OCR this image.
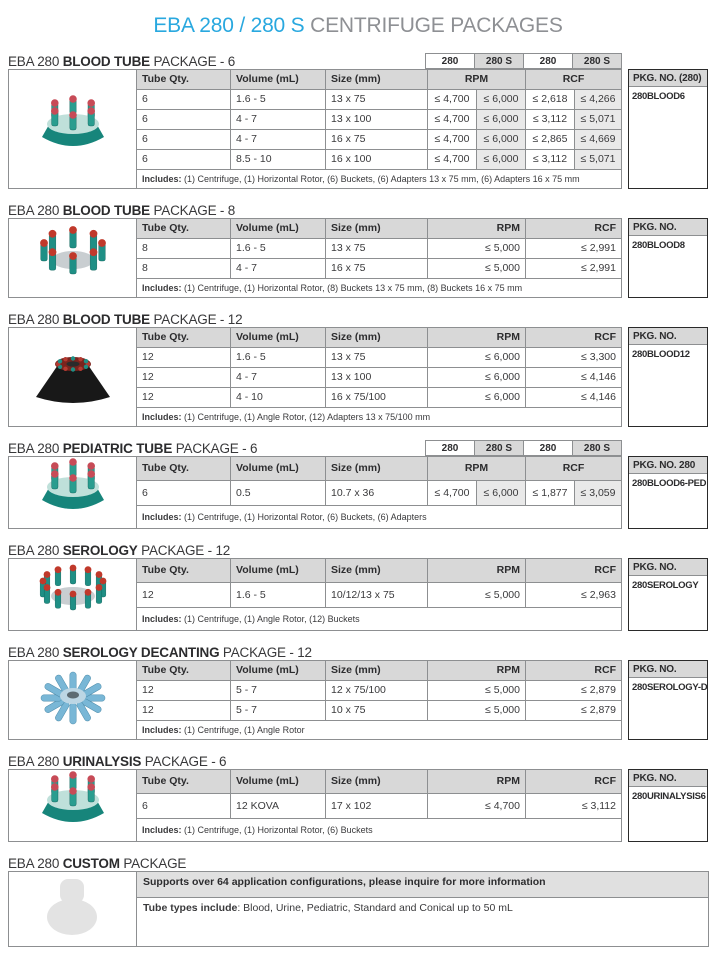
EBA 280 / 280 S CENTRIFUGE PACKAGES
EBA 280 BLOOD TUBE PACKAGE - 6	280	280 S	280	280 S
	Tube Qty.	Volume (mL)	Size (mm)	RPM		RCF	
	6	1.6 - 5	13 x 75	≤ 4,700	≤ 6,000	≤ 2,618	≤ 4,266
	6	4 - 7	13 x 100	≤ 4,700	≤ 6,000	≤ 3,112	≤ 5,071
	6	4 - 7	16 x 75	≤ 4,700	≤ 6,000	≤ 2,865	≤ 4,669
	6	8.5 - 10	16 x 100	≤ 4,700	≤ 6,000	≤ 3,112	≤ 5,071
	Includes: (1) Centrifuge, (1) Horizontal Rotor, (6) Buckets, (6) Adapters 13 x 75 mm, (6) Adapters 16 x 75 mm						
PKG. NO. (280)
280BLOOD6
EBA 280 BLOOD TUBE PACKAGE - 8
	Tube Qty.	Volume (mL)	Size (mm)	RPM	RCF
	8	1.6 - 5	13 x 75	≤ 5,000	≤ 2,991
	8	4 - 7	16 x 75	≤ 5,000	≤ 2,991
	Includes: (1) Centrifuge, (1) Horizontal Rotor, (8) Buckets 13 x 75 mm, (8) Buckets 16 x 75 mm				
PKG. NO.
280BLOOD8
EBA 280 BLOOD TUBE PACKAGE - 12
	Tube Qty.	Volume (mL)	Size (mm)	RPM	RCF
	12	1.6 - 5	13 x 75	≤ 6,000	≤ 3,300
	12	4 - 7	13 x 100	≤ 6,000	≤ 4,146
	12	4 - 10	16 x 75/100	≤ 6,000	≤ 4,146
	Includes: (1) Centrifuge, (1) Angle Rotor, (12) Adapters 13 x 75/100 mm				
PKG. NO.
280BLOOD12
EBA 280 PEDIATRIC TUBE PACKAGE - 6	280	280 S	280	280 S
	Tube Qty.	Volume (mL)	Size (mm)	RPM		RCF	
	6	0.5	10.7 x 36	≤ 4,700	≤ 6,000	≤ 1,877	≤ 3,059
	Includes: (1) Centrifuge, (1) Horizontal Rotor, (6) Buckets, (6) Adapters						
PKG. NO. 280
280BLOOD6-PED
EBA 280 SEROLOGY PACKAGE - 12
	Tube Qty.	Volume (mL)	Size (mm)	RPM	RCF
	12	1.6 - 5	10/12/13 x 75	≤ 5,000	≤ 2,963
	Includes: (1) Centrifuge, (1) Angle Rotor, (12) Buckets				
PKG. NO.
280SEROLOGY
EBA 280 SEROLOGY DECANTING PACKAGE - 12
	Tube Qty.	Volume (mL)	Size (mm)	RPM	RCF
	12	5 - 7	12 x 75/100	≤ 5,000	≤ 2,879
	12	5 - 7	10 x 75	≤ 5,000	≤ 2,879
	Includes: (1) Centrifuge, (1) Angle Rotor				
PKG. NO.
280SEROLOGY-D
EBA 280 URINALYSIS PACKAGE - 6
	Tube Qty.	Volume (mL)	Size (mm)	RPM	RCF
	6	12 KOVA	17 x 102	≤ 4,700	≤ 3,112
	Includes: (1) Centrifuge, (1) Horizontal Rotor, (6) Buckets				
PKG. NO.
280URINALYSIS6
EBA 280 CUSTOM PACKAGE
	Supports over 64 application configurations, please inquire for more information
Tube types include: Blood, Urine, Pediatric, Standard and Conical up to 50 mL
